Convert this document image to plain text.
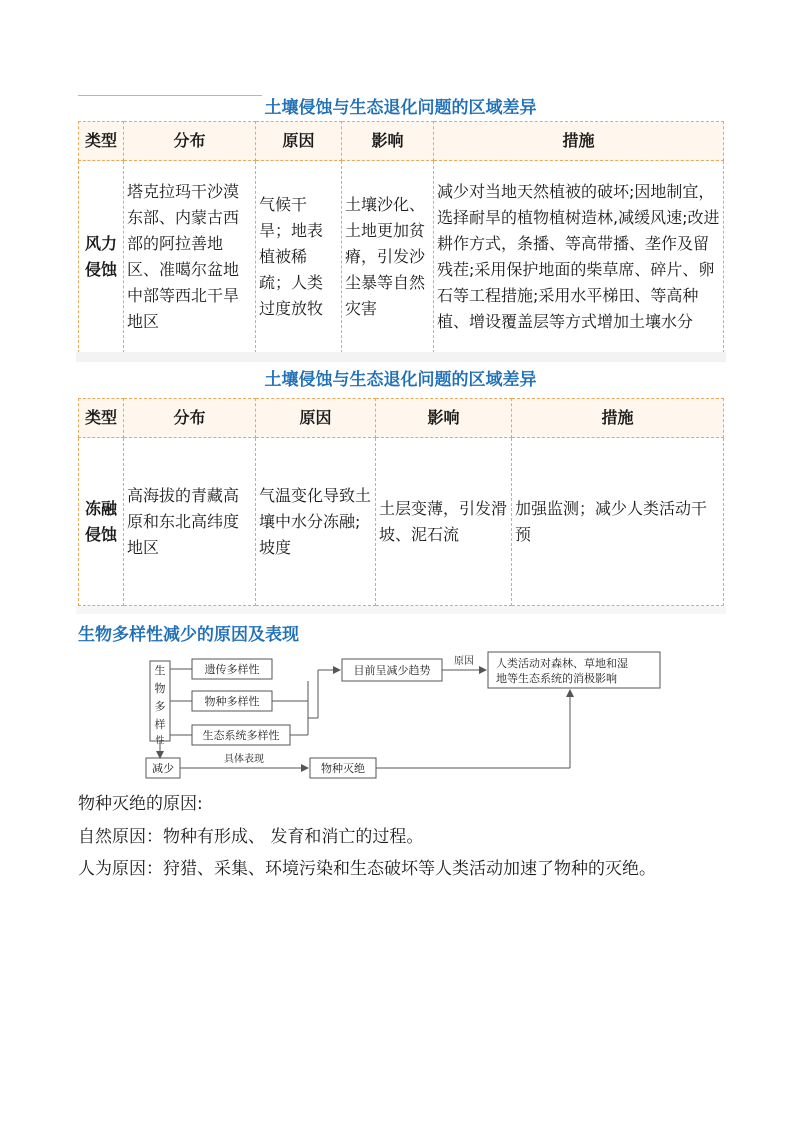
土壤侵蚀与生态退化问题的区域差异
类型	分布	原因	影响	措施
风力
侵蚀	塔克拉玛干沙漠东部、内蒙古西部的阿拉善地区、准噶尔盆地中部等西北干旱地区	气候干旱；地表植被稀疏；人类过度放牧	土壤沙化、土地更加贫瘠，引发沙尘暴等自然灾害	减少对当地天然植被的破坏;因地制宜，选择耐旱的植物植树造林,减缓风速;改进耕作方式，条播、等高带播、垄作及留残茬;采用保护地面的柴草席、碎片、卵石等工程措施;采用水平梯田、等高种植、增设覆盖层等方式增加土壤水分
土壤侵蚀与生态退化问题的区域差异
类型	分布	原因	影响	措施
冻融
侵蚀	高海拔的青藏高原和东北高纬度地区	气温变化导致土壤中水分冻融;坡度	土层变薄，引发滑坡、泥石流	加强监测；减少人类活动干预
生物多样性减少的原因及表现
生
物
多
样
性
遗传多样性
物种多样性
生态系统多样性
目前呈减少趋势
原因 人类活动对森林、草地和湿
地等生态系统的消极影响
减少
具体表现
物种灭绝
物种灭绝的原因:
自然原因：物种有形成、 发育和消亡的过程。
人为原因：狩猎、采集、环境污染和生态破坏等人类活动加速了物种的灭绝。
